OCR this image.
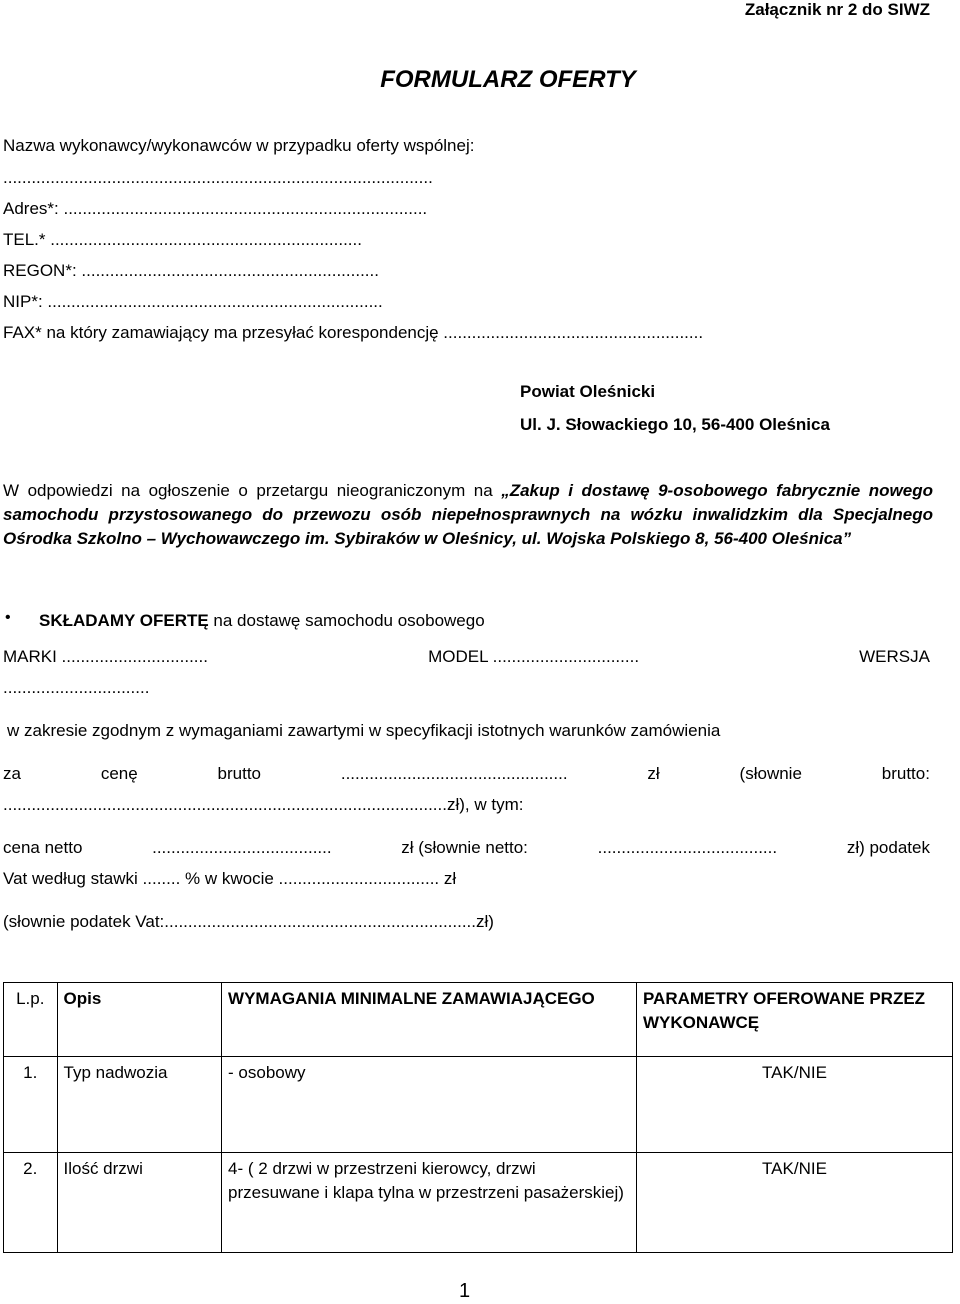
Załącznik nr 2 do SIWZ
FORMULARZ OFERTY
Nazwa wykonawcy/wykonawców w przypadku oferty wspólnej:
...........................................................................................
Adres*: .............................................................................
TEL.* ..................................................................
REGON*: ...............................................................
NIP*: .......................................................................
FAX* na który zamawiający ma przesyłać korespondencję .......................................................
Powiat Oleśnicki
Ul. J. Słowackiego 10, 56-400 Oleśnica
W odpowiedzi na ogłoszenie o przetargu nieograniczonym na „Zakup i dostawę 9-osobowego fabrycznie nowego samochodu przystosowanego do przewozu osób niepełnosprawnych na wózku inwalidzkim dla Specjalnego Ośrodka Szkolno – Wychowawczego im. Sybiraków w Oleśnicy, ul. Wojska Polskiego 8, 56-400 Oleśnica”
• SKŁADAMY OFERTĘ na dostawę samochodu osobowego
MARKI ...............................	MODEL ...............................	WERSJA
...............................
w zakresie zgodnym z wymaganiami zawartymi w specyfikacji istotnych warunków zamówienia
za	cenę	brutto	................................................	zł	(słownie	brutto:
..............................................................................................zł), w tym:
cena netto	......................................	zł (słownie netto:	......................................	zł) podatek
Vat według stawki ........ % w kwocie .................................. zł
(słownie podatek Vat:..................................................................zł)
L.p.	Opis	WYMAGANIA MINIMALNE ZAMAWIAJĄCEGO	PARAMETRY OFEROWANE PRZEZ WYKONAWCĘ
1.	Typ nadwozia	- osobowy	TAK/NIE
2.	Ilość drzwi	4- ( 2 drzwi w przestrzeni kierowcy, drzwi przesuwane i klapa tylna w przestrzeni pasażerskiej)	TAK/NIE
1
